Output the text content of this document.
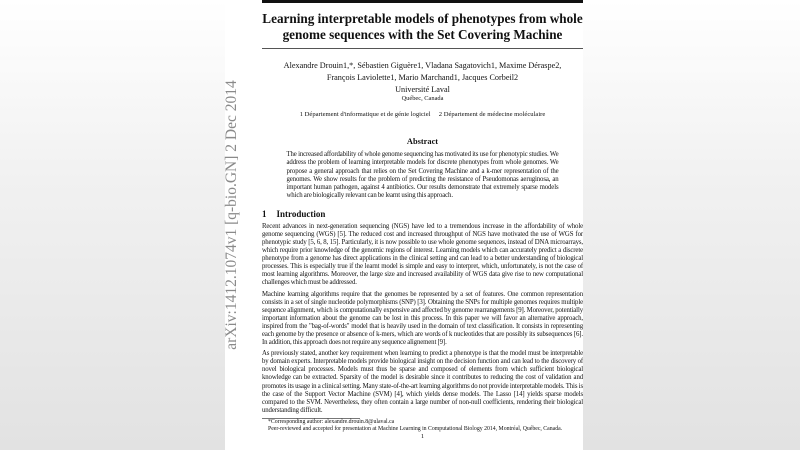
Learning interpretable models of phenotypes from whole genome sequences with the Set Covering Machine
Alexandre Drouin1,*, Sébastien Giguère1, Vladana Sagatovich1, Maxime Déraspe2,
François Laviolette1, Mario Marchand1, Jacques Corbeil2
Université Laval
Québec, Canada
1 Département d'informatique et de génie logiciel     2 Département de médecine moléculaire
Abstract
The increased affordability of whole genome sequencing has motivated its use for phenotypic studies. We address the problem of learning interpretable models for discrete phenotypes from whole genomes. We propose a general approach that relies on the Set Covering Machine and a k-mer representation of the genomes. We show results for the problem of predicting the resistance of Pseudomonas aeruginosa, an important human pathogen, against 4 antibiotics. Our results demonstrate that extremely sparse models which are biologically relevant can be learnt using this approach.
1 Introduction
Recent advances in next-generation sequencing (NGS) have led to a tremendous increase in the affordability of whole genome sequencing (WGS) [5]. The reduced cost and increased throughput of NGS have motivated the use of WGS for phenotypic study [5, 6, 8, 15]. Particularly, it is now possible to use whole genome sequences, instead of DNA microarrays, which require prior knowledge of the genomic regions of interest. Learning models which can accurately predict a discrete phenotype from a genome has direct applications in the clinical setting and can lead to a better understanding of biological processes. This is especially true if the learnt model is simple and easy to interpret, which, unfortunately, is not the case of most learning algorithms. Moreover, the large size and increased availability of WGS data give rise to new computational challenges which must be addressed.
Machine learning algorithms require that the genomes be represented by a set of features. One common representation consists in a set of single nucleotide polymorphisms (SNP) [3]. Obtaining the SNPs for multiple genomes requires multiple sequence alignment, which is computationally expensive and affected by genome rearrangements [9]. Moreover, potentially important information about the genome can be lost in this process. In this paper we will favor an alternative approach, inspired from the "bag-of-words" model that is heavily used in the domain of text classification. It consists in representing each genome by the presence or absence of k-mers, which are words of k nucleotides that are possibly its subsequences [6]. In addition, this approach does not require any sequence alignement [9].
As previously stated, another key requirement when learning to predict a phenotype is that the model must be interpretable by domain experts. Interpretable models provide biological insight on the decision function and can lead to the discovery of novel biological processes. Models must thus be sparse and composed of elements from which sufficient biological knowledge can be extracted. Sparsity of the model is desirable since it contributes to reducing the cost of validation and promotes its usage in a clinical setting. Many state-of-the-art learning algorithms do not provide interpretable models. This is the case of the Support Vector Machine (SVM) [4], which yields dense models. The Lasso [14] yields sparse models compared to the SVM. Nevertheless, they often contain a large number of non-null coefficients, rendering their biological understanding difficult.
*Corresponding author: alexandre.drouin.8@ulaval.ca
Peer-reviewed and accepted for presentation at Machine Learning in Computational Biology 2014, Montréal, Québec, Canada.
1
arXiv:1412.1074v1 [q-bio.GN] 2 Dec 2014
